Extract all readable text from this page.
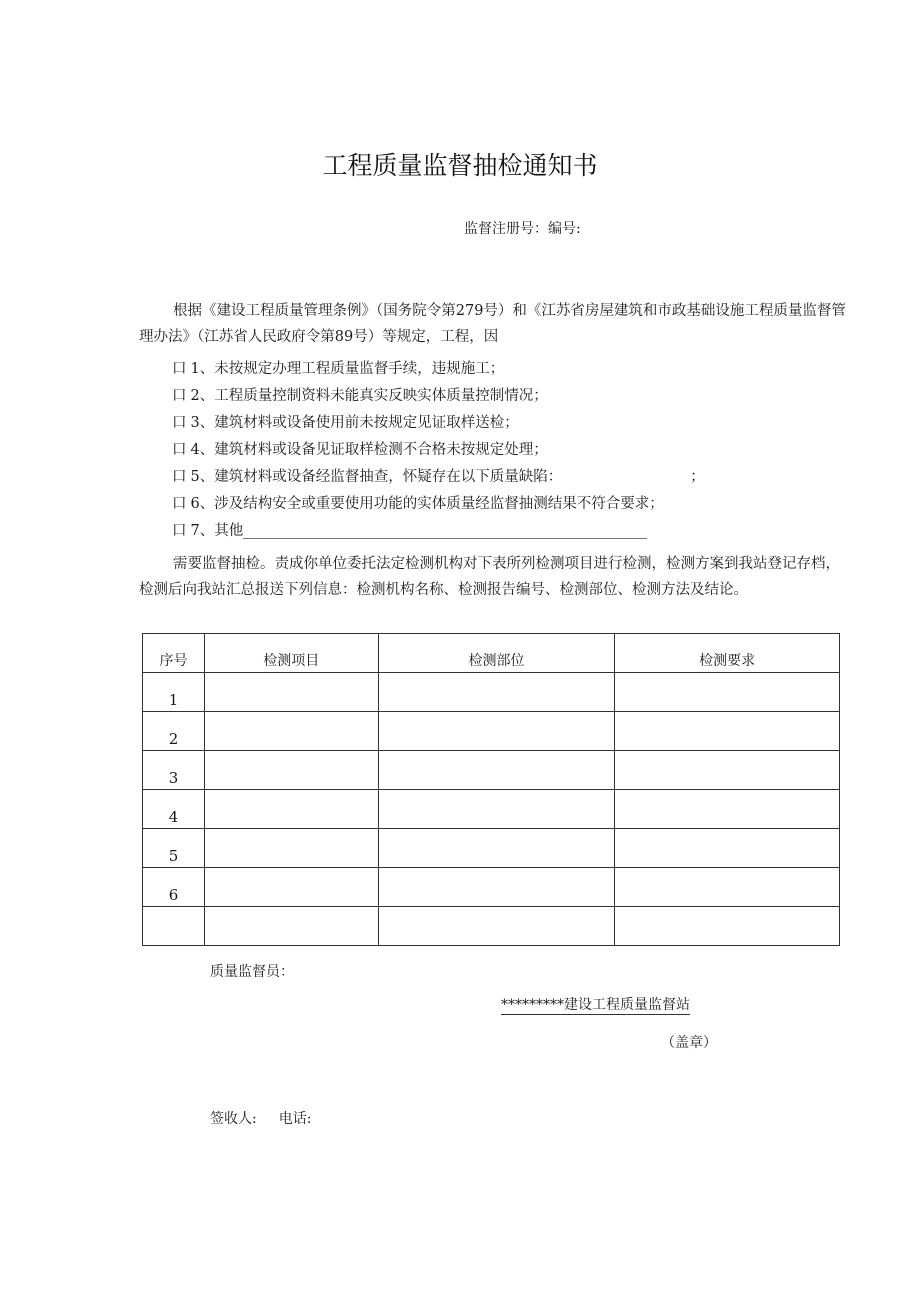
工程质量监督抽检通知书
监督注册号：编号:
根据《建设工程质量管理条例》（国务院令第279号）和《江苏省房屋建筑和市政基础设施工程质量监督管理办法》（江苏省人民政府令第89号）等规定，工程，因
口 1、未按规定办理工程质量监督手续，违规施工；
口 2、工程质量控制资料未能真实反映实体质量控制情况；
口 3、建筑材料或设备使用前未按规定见证取样送检；
口 4、建筑材料或设备见证取样检测不合格未按规定处理；
口 5、建筑材料或设备经监督抽查，怀疑存在以下质量缺陷：	；
口 6、涉及结构安全或重要使用功能的实体质量经监督抽测结果不符合要求；
口 7、其他
需要监督抽检。责成你单位委托法定检测机构对下表所列检测项目进行检测，检测方案到我站登记存档，检测后向我站汇总报送下列信息：检测机构名称、检测报告编号、检测部位、检测方法及结论。
序号	检测项目	检测部位	检测要求
1			
2			
3			
4			
5			
6			

质量监督员：
*********建设工程质量监督站
（盖章）
签收人: 电话:
